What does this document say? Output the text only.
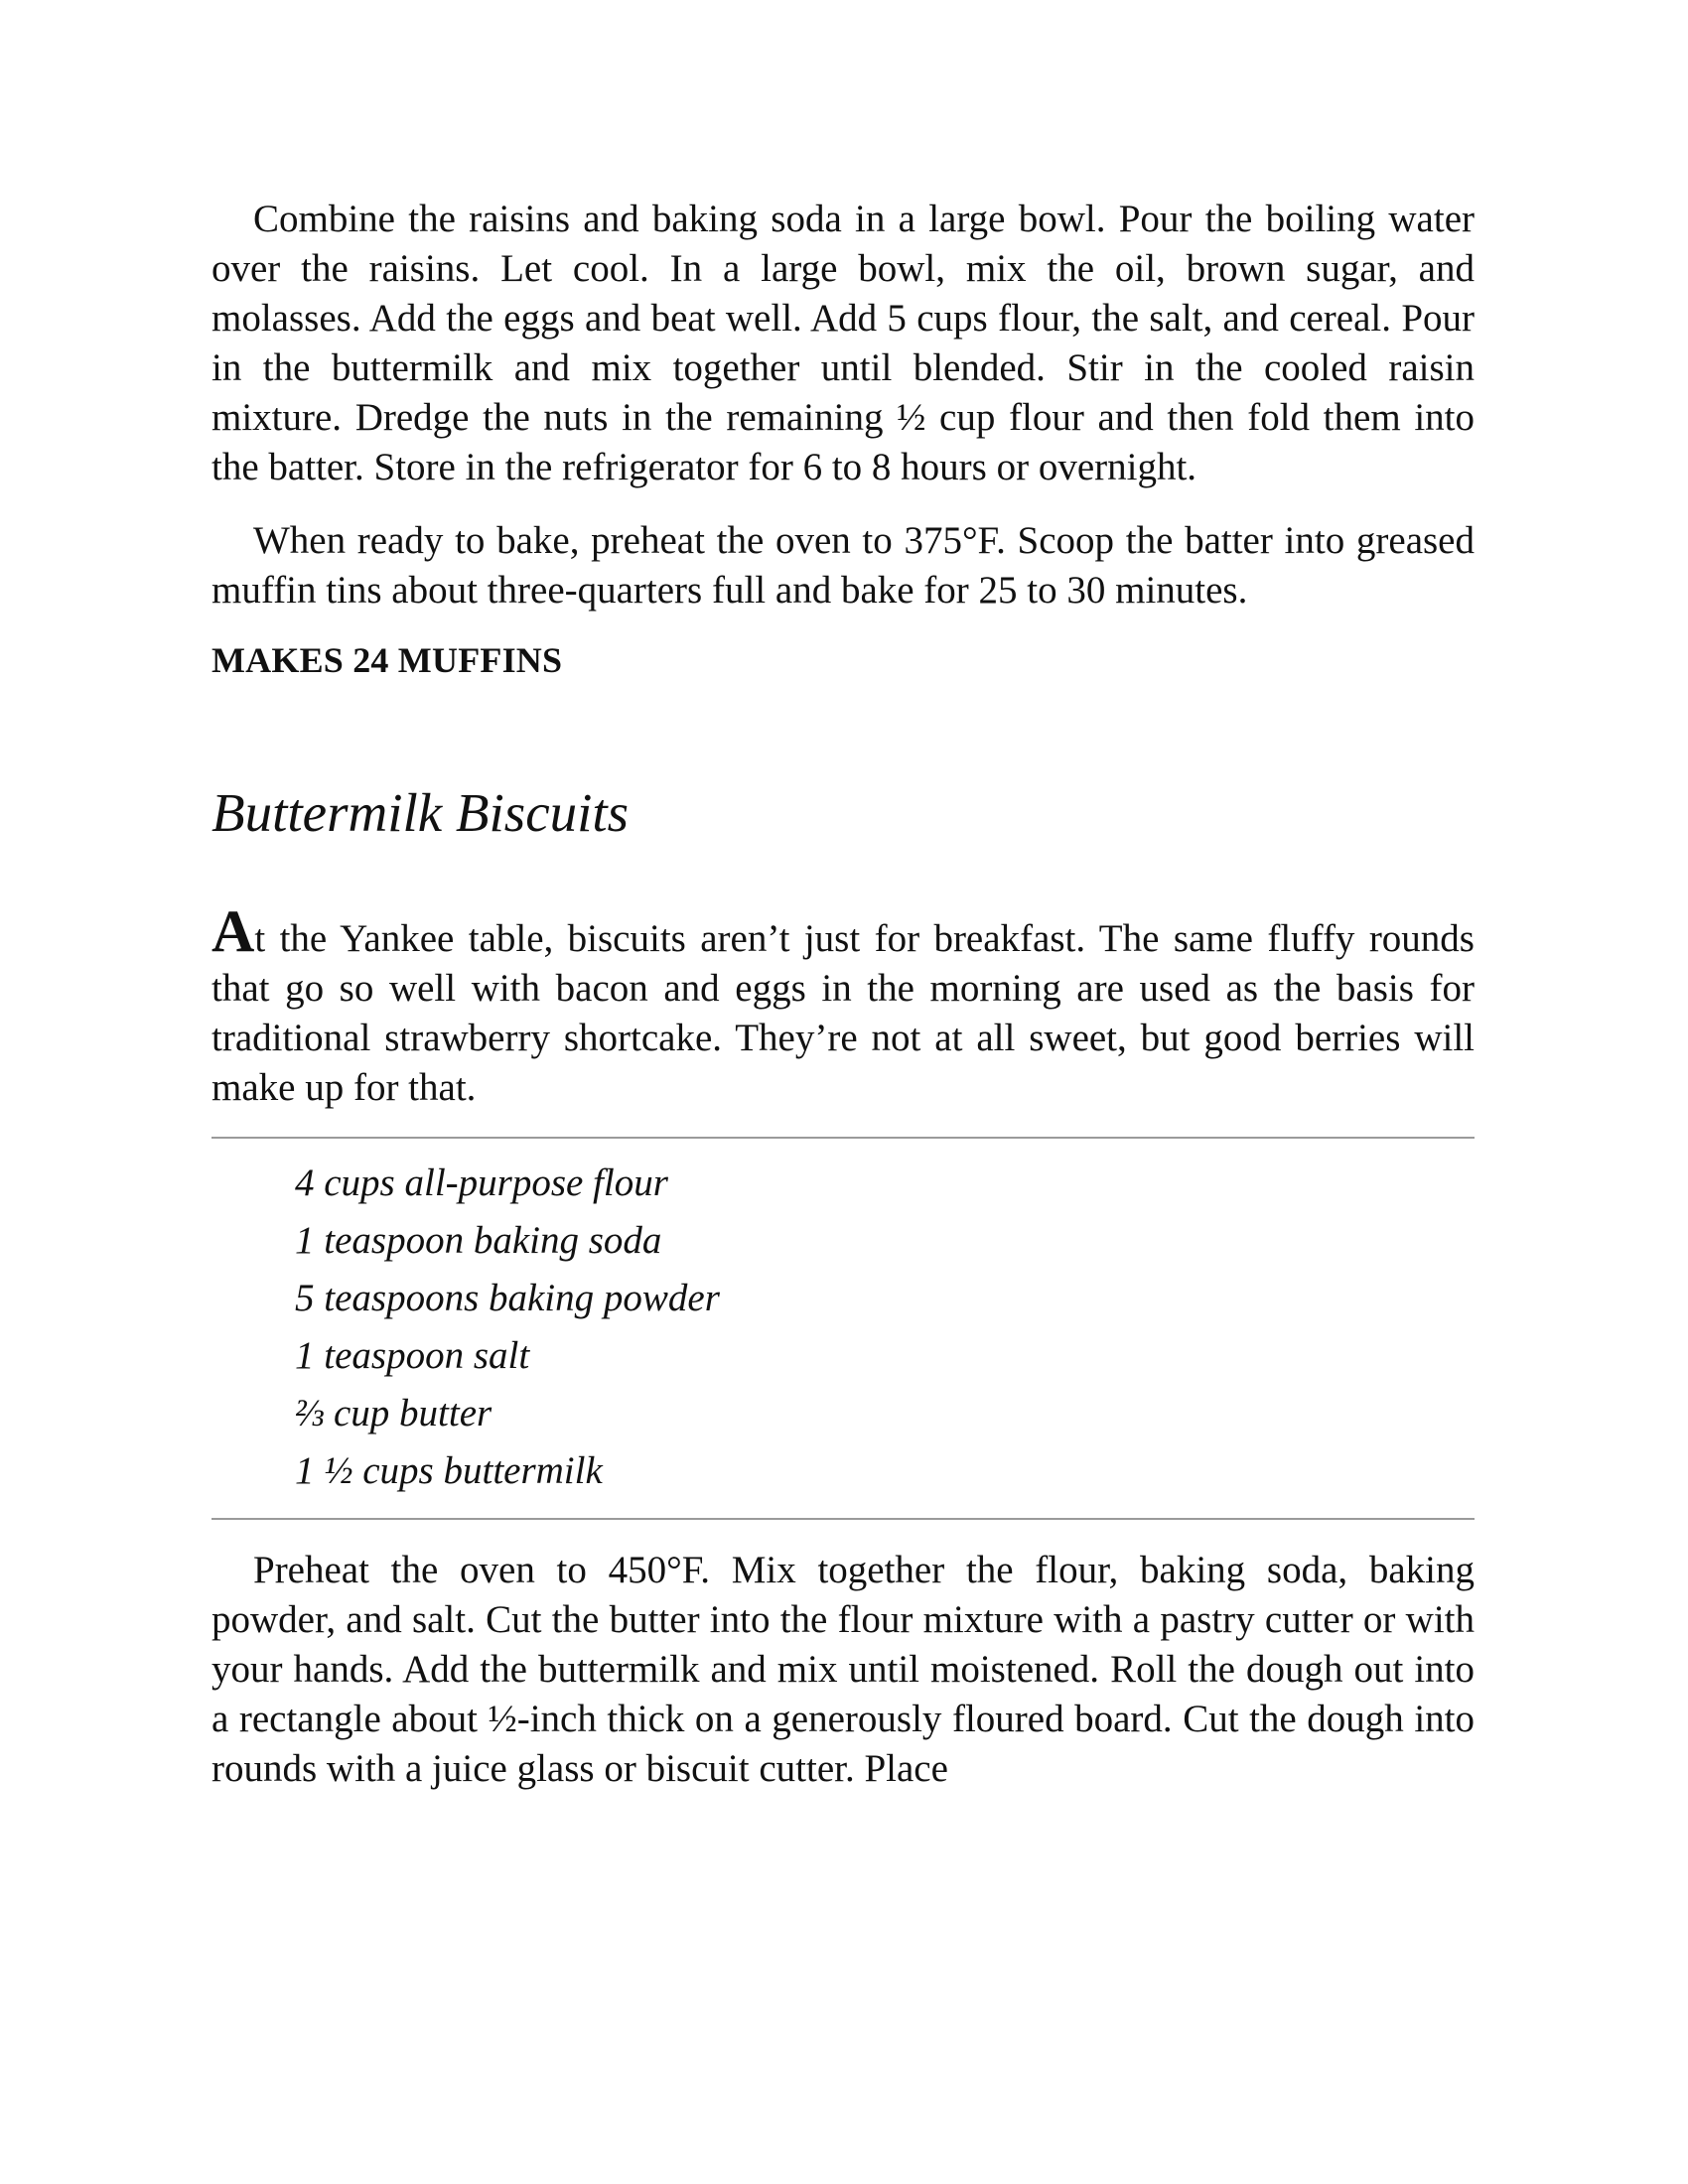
Combine the raisins and baking soda in a large bowl. Pour the boiling water over the raisins. Let cool. In a large bowl, mix the oil, brown sugar, and molasses. Add the eggs and beat well. Add 5 cups flour, the salt, and cereal. Pour in the buttermilk and mix together until blended. Stir in the cooled raisin mixture. Dredge the nuts in the remaining ½ cup flour and then fold them into the batter. Store in the refrigerator for 6 to 8 hours or overnight.

When ready to bake, preheat the oven to 375°F. Scoop the batter into greased muffin tins about three-quarters full and bake for 25 to 30 minutes.

MAKES 24 MUFFINS

Buttermilk Biscuits

At the Yankee table, biscuits aren’t just for breakfast. The same fluffy rounds that go so well with bacon and eggs in the morning are used as the basis for traditional strawberry shortcake. They’re not at all sweet, but good berries will make up for that.

4 cups all-purpose flour
1 teaspoon baking soda
5 teaspoons baking powder
1 teaspoon salt
⅔ cup butter
1 ½ cups buttermilk

Preheat the oven to 450°F. Mix together the flour, baking soda, baking powder, and salt. Cut the butter into the flour mixture with a pastry cutter or with your hands. Add the buttermilk and mix until moistened. Roll the dough out into a rectangle about ½-inch thick on a generously floured board. Cut the dough into rounds with a juice glass or biscuit cutter. Place
